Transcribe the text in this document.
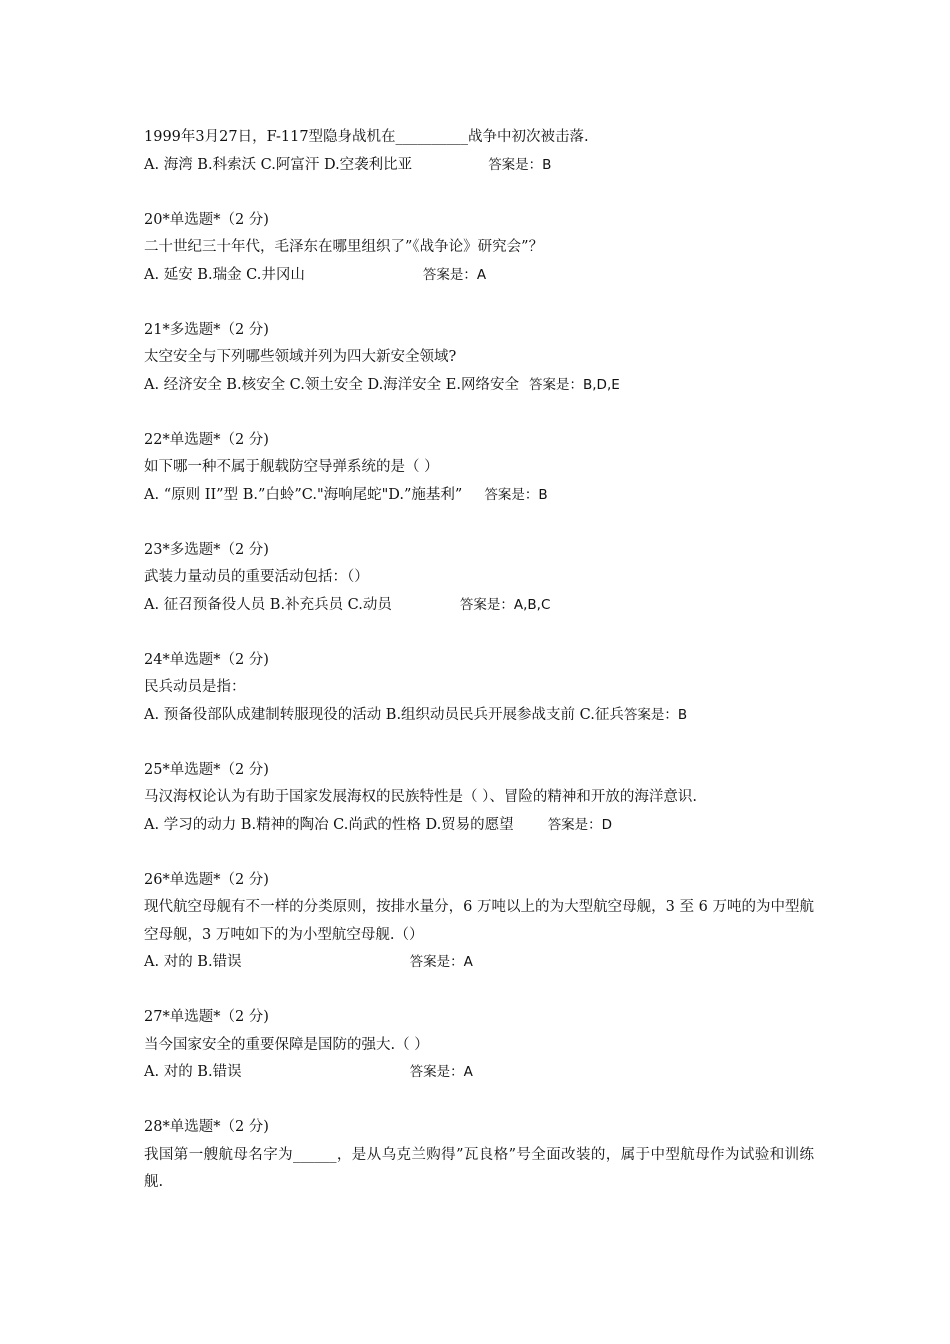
1999年3月27日，F-117型隐身战机在__________战争中初次被击落.
A. 海湾 B.科索沃 C.阿富汗 D.空袭利比亚	答案是：B
20*单选题*（2 分)
二十世纪三十年代，毛泽东在哪里组织了”《战争论》研究会”？
A. 延安 B.瑞金 C.井冈山	答案是：A
21*多选题*（2 分)
太空安全与下列哪些领域并列为四大新安全领域?
A. 经济安全 B.核安全 C.领土安全 D.海洋安全 E.网络安全 答案是：B,D,E
22*单选题*（2 分)
如下哪一种不属于舰载防空导弹系统的是（ ）
A. “原则 II”型 B.”白蛉”C."海响尾蛇"D.”施基利” 答案是：B
23*多选题*（2 分)
武装力量动员的重要活动包括：（）
A. 征召预备役人员 B.补充兵员 C.动员	答案是：A,B,C
24*单选题*（2 分)
民兵动员是指：
A. 预备役部队成建制转服现役的活动 B.组织动员民兵开展参战支前 C.征兵答案是：B
25*单选题*（2 分)
马汉海权论认为有助于国家发展海权的民族特性是（ ）、冒险的精神和开放的海洋意识.
A. 学习的动力 B.精神的陶冶 C.尚武的性格 D.贸易的愿望	答案是：D
26*单选题*（2 分)
现代航空母舰有不一样的分类原则，按排水量分，6 万吨以上的为大型航空母舰，3 至 6 万吨的为中型航空母舰，3 万吨如下的为小型航空母舰.（）
A. 对的 B.错误	答案是：A
27*单选题*（2 分)
当今国家安全的重要保障是国防的强大.（ ）
A. 对的 B.错误	答案是：A
28*单选题*（2 分)
我国第一艘航母名字为______，是从乌克兰购得”瓦良格”号全面改装的，属于中型航母作为试验和训练舰.
